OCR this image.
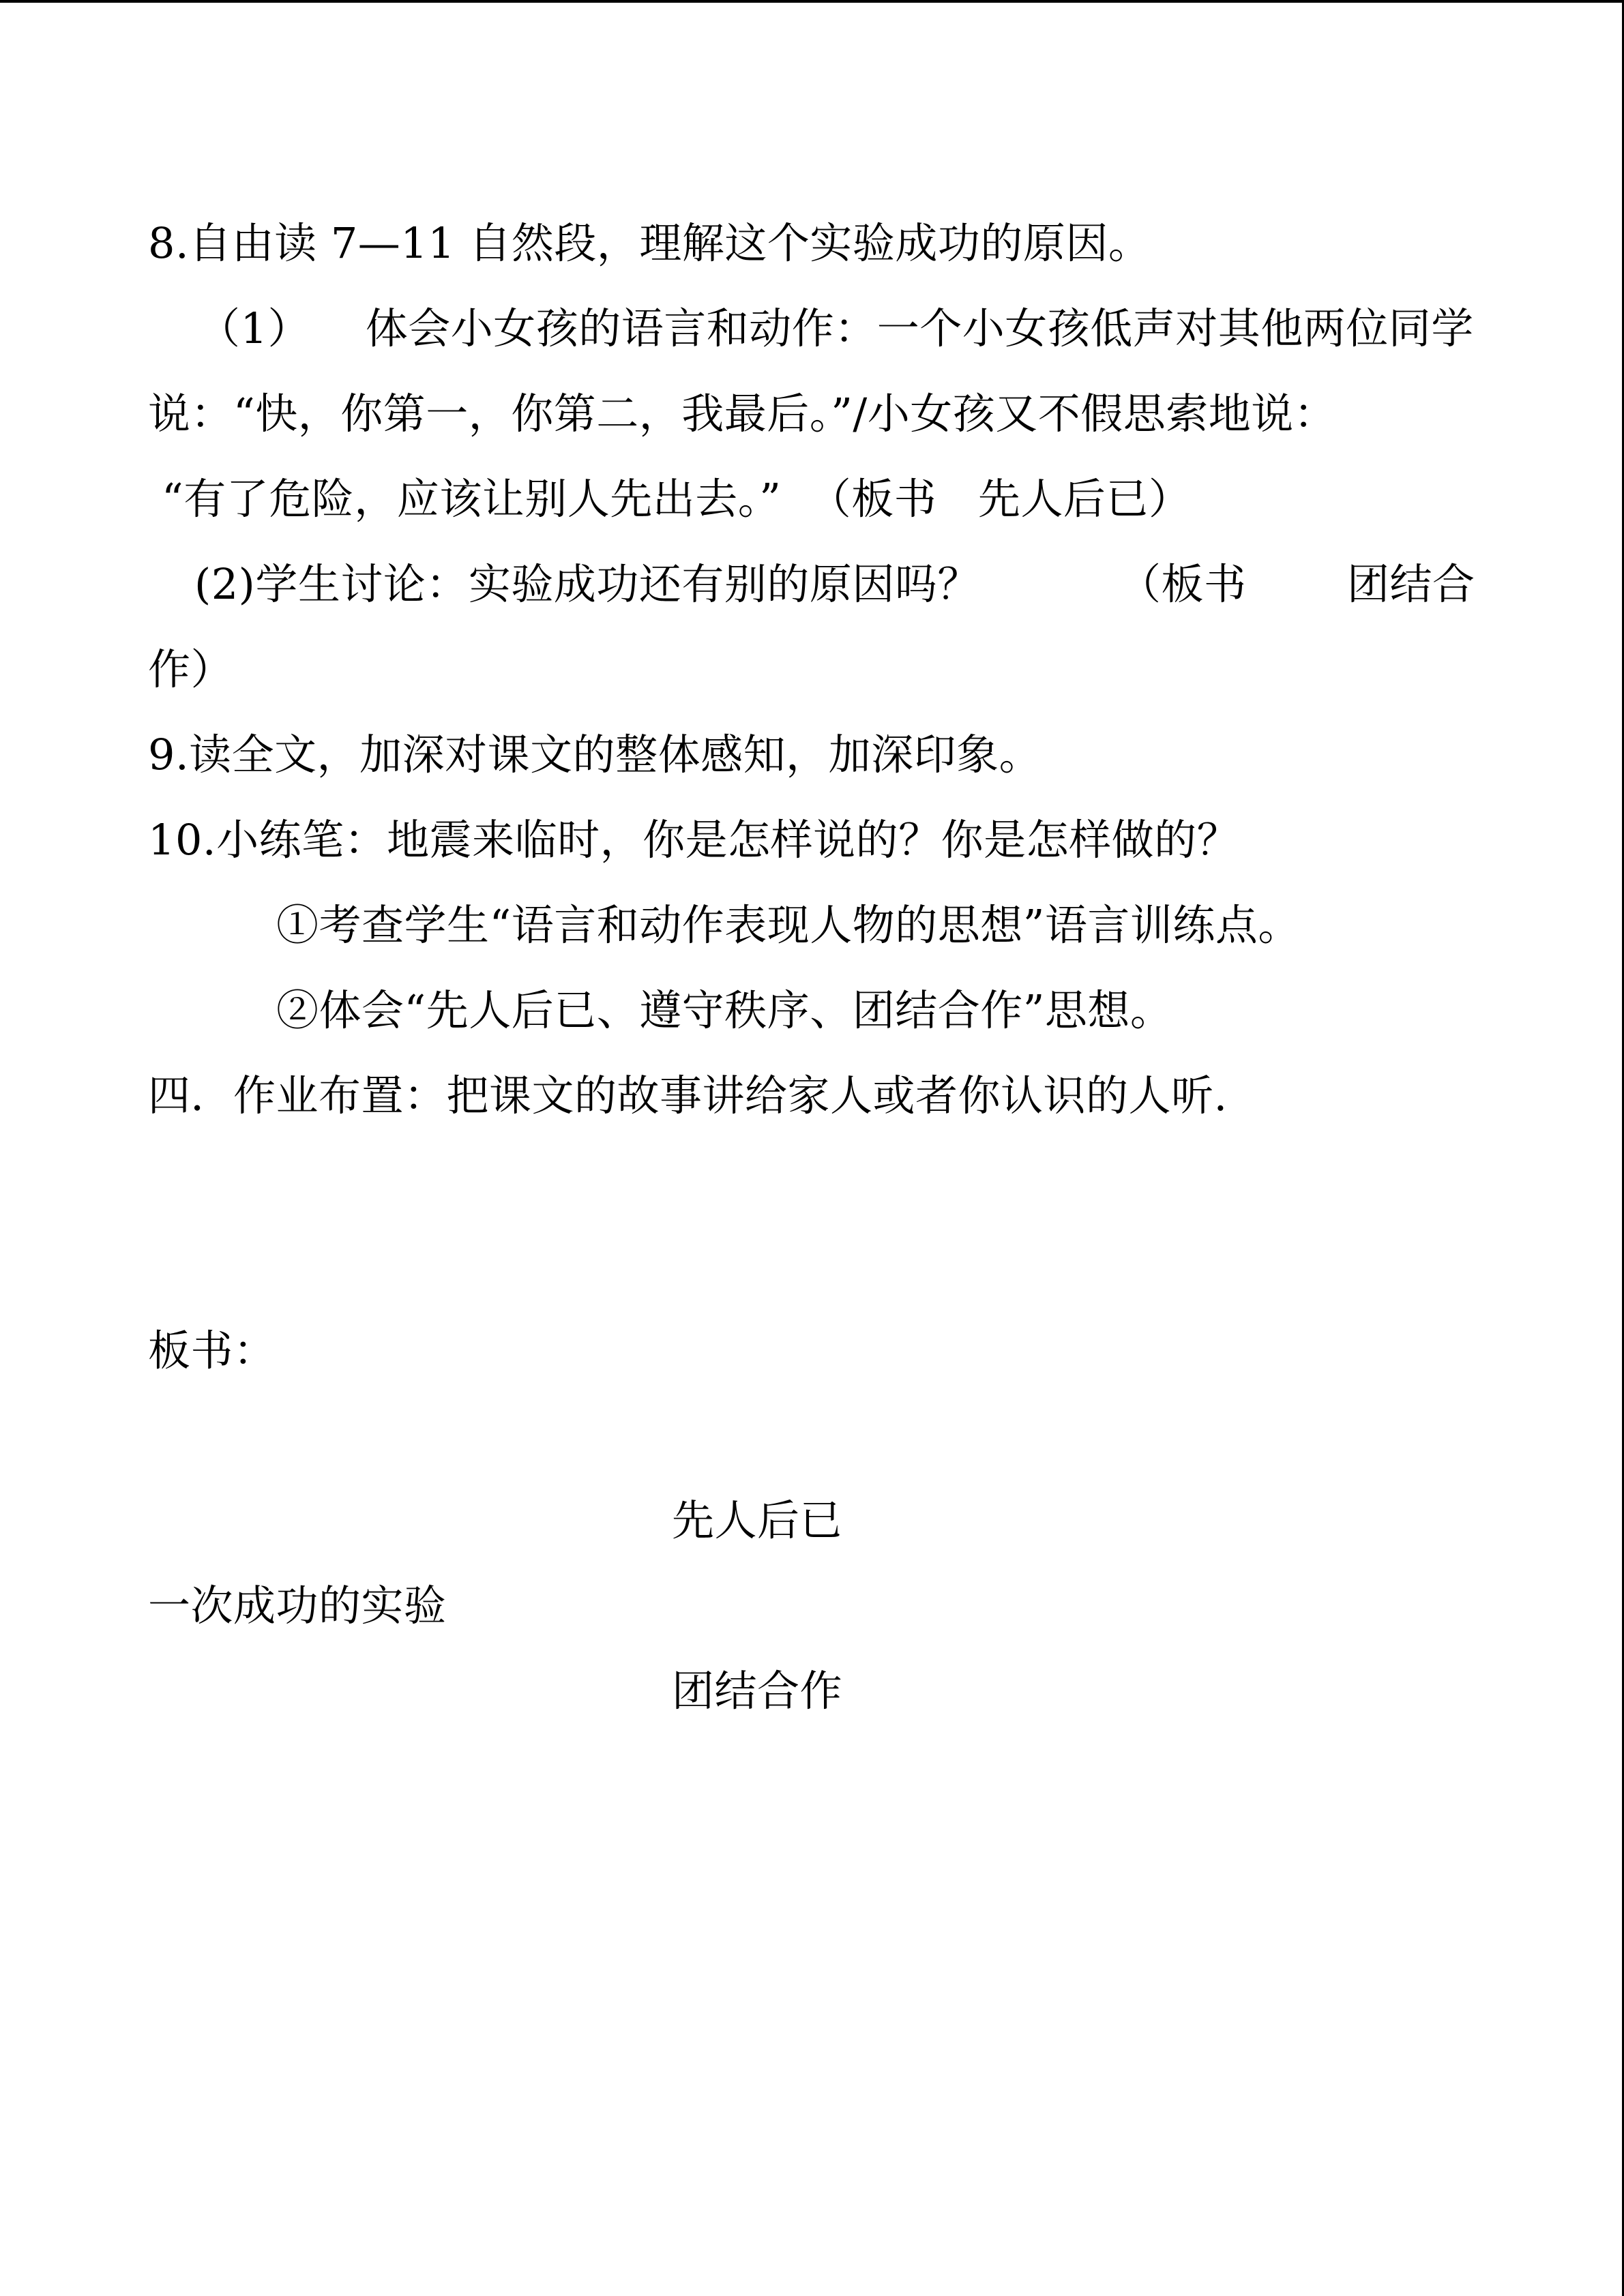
8.自由读 7—11 自然段，理解这个实验成功的原因。
（1）    体会小女孩的语言和动作：一个小女孩低声对其他两位同学
说：“快，你第一，你第二，我最后。”/小女孩又不假思索地说：
“有了危险，应该让别人先出去。”  （板书   先人后已）
(2)学生讨论：实验成功还有别的原因吗？	（板书 团结合
作）
9.读全文，加深对课文的整体感知，加深印象。
10.小练笔：地震来临时，你是怎样说的？你是怎样做的？
①考查学生“语言和动作表现人物的思想”语言训练点。
②体会“先人后已、遵守秩序、团结合作”思想。
四．作业布置：把课文的故事讲给家人或者你认识的人听.
板书：
先人后已
一次成功的实验
团结合作
